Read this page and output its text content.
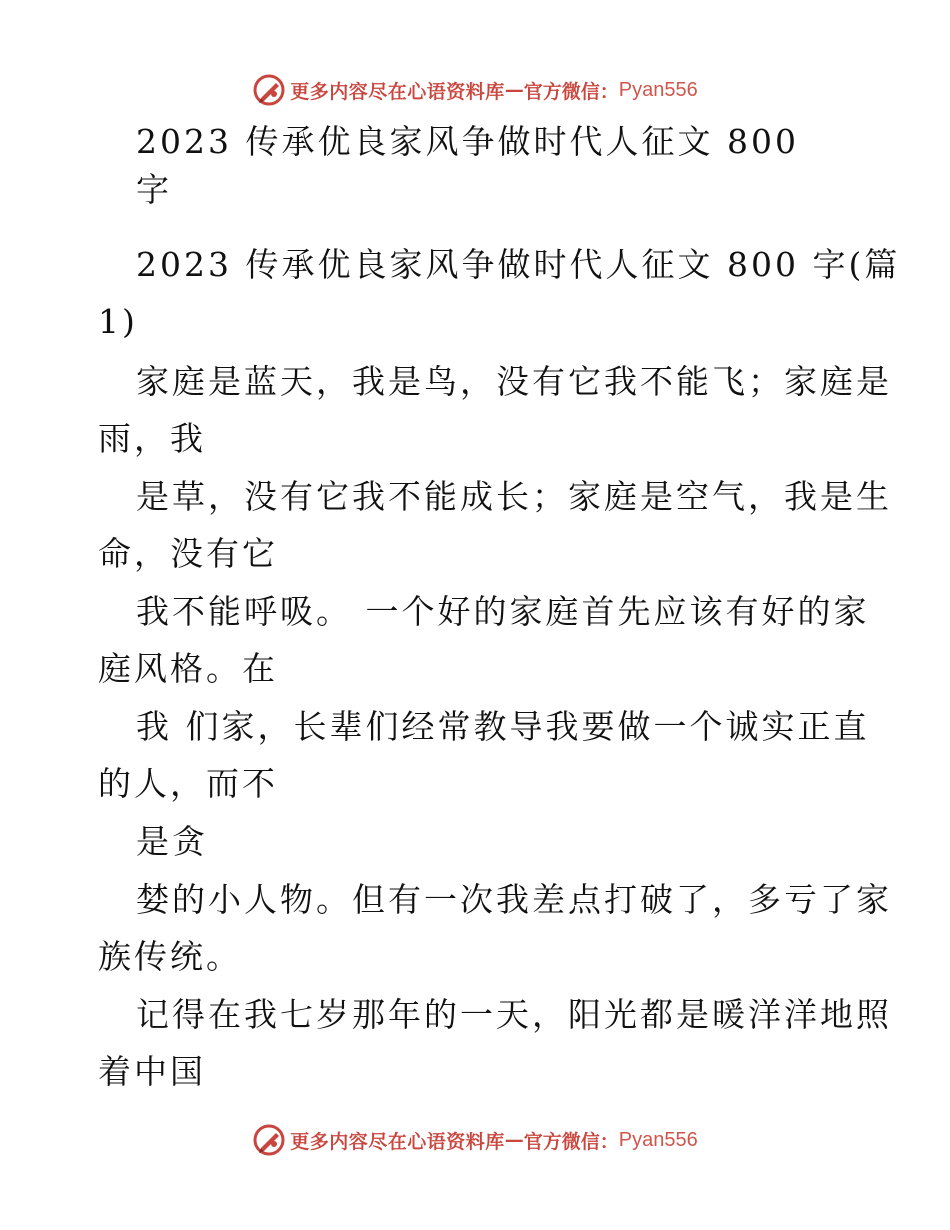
更多内容尽在心语资料库 — 官方微信： Pyan556
2023 传承优良家风争做时代人征文 800
字
2023 传承优良家风争做时代人征文 800 字(篇
1)
家庭是蓝天，我是鸟，没有它我不能飞；家庭是
雨，我
是草，没有它我不能成长；家庭是空气，我是生
命，没有它
我不能呼吸。 一个好的家庭首先应该有好的家
庭风格。在
我 们家，长辈们经常教导我要做一个诚实正直
的人，而不
是贪
婪的小人物。但有一次我差点打破了，多亏了家
族传统。
记得在我七岁那年的一天，阳光都是暖洋洋地照
着中国
更多内容尽在心语资料库 — 官方微信： Pyan556
